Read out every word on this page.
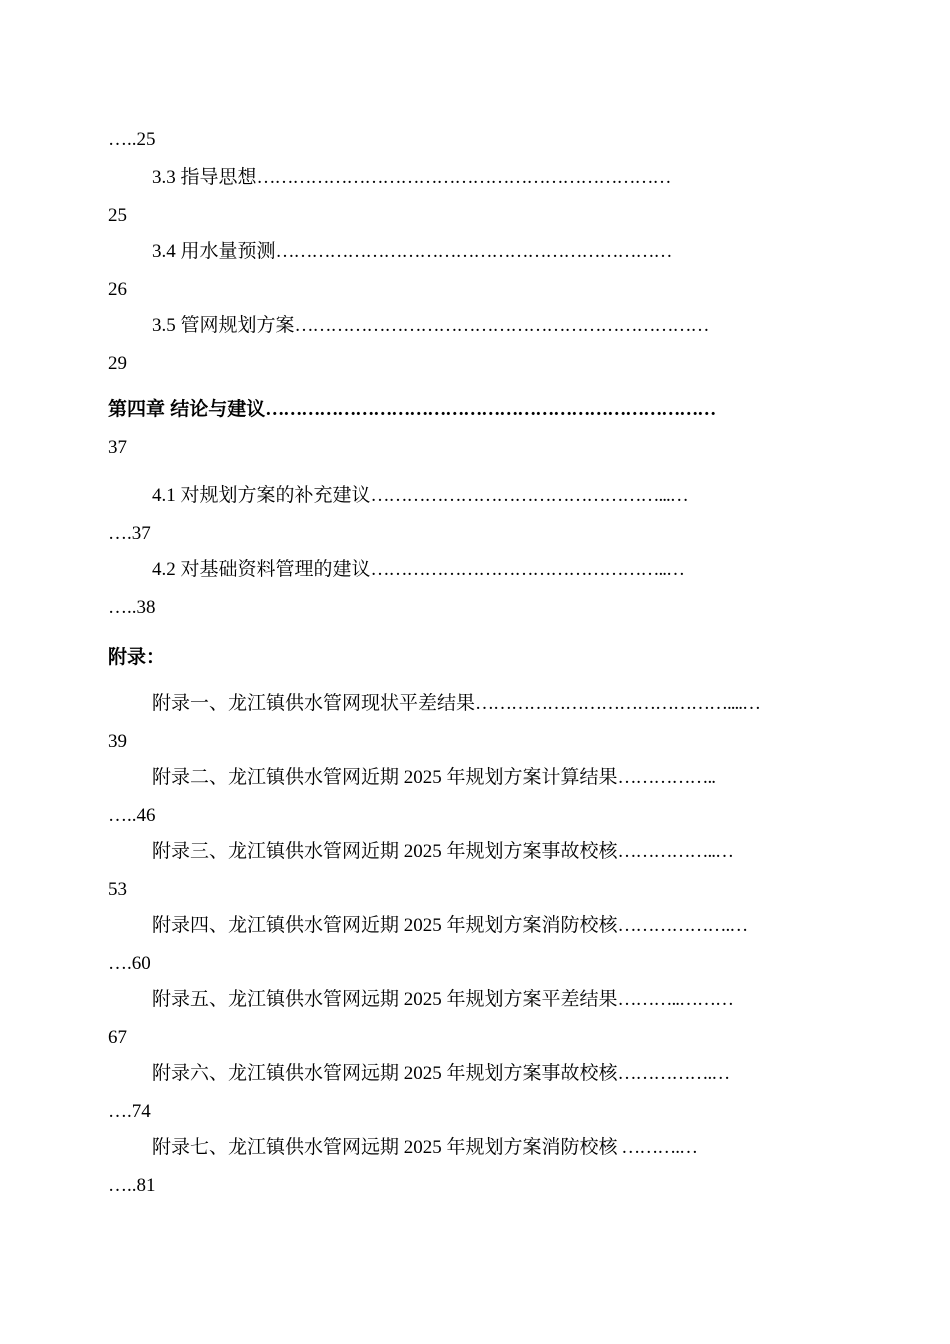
…..25
3.3 指导思想……………………………………………………………
25
3.4 用水量预测…………………………………………………………
26
3.5 管网规划方案……………………………………………………………
29
第四章 结论与建议…………………………………………………………………
37
4.1 对规划方案的补充建议…………………………………………...…
….37
4.2 对基础资料管理的建议…………………………………………..…
…..38
附录：
附录一、龙江镇供水管网现状平差结果……………………………………....…
39
附录二、龙江镇供水管网近期 2025 年规划方案计算结果……………..
…..46
附录三、龙江镇供水管网近期 2025 年规划方案事故校核……………..…
53
附录四、龙江镇供水管网近期 2025 年规划方案消防校核……………….…
….60
附录五、龙江镇供水管网远期 2025 年规划方案平差结果………..………
67
附录六、龙江镇供水管网远期 2025 年规划方案事故校核…………….…
….74
附录七、龙江镇供水管网远期 2025 年规划方案消防校核 ……….…
…..81
